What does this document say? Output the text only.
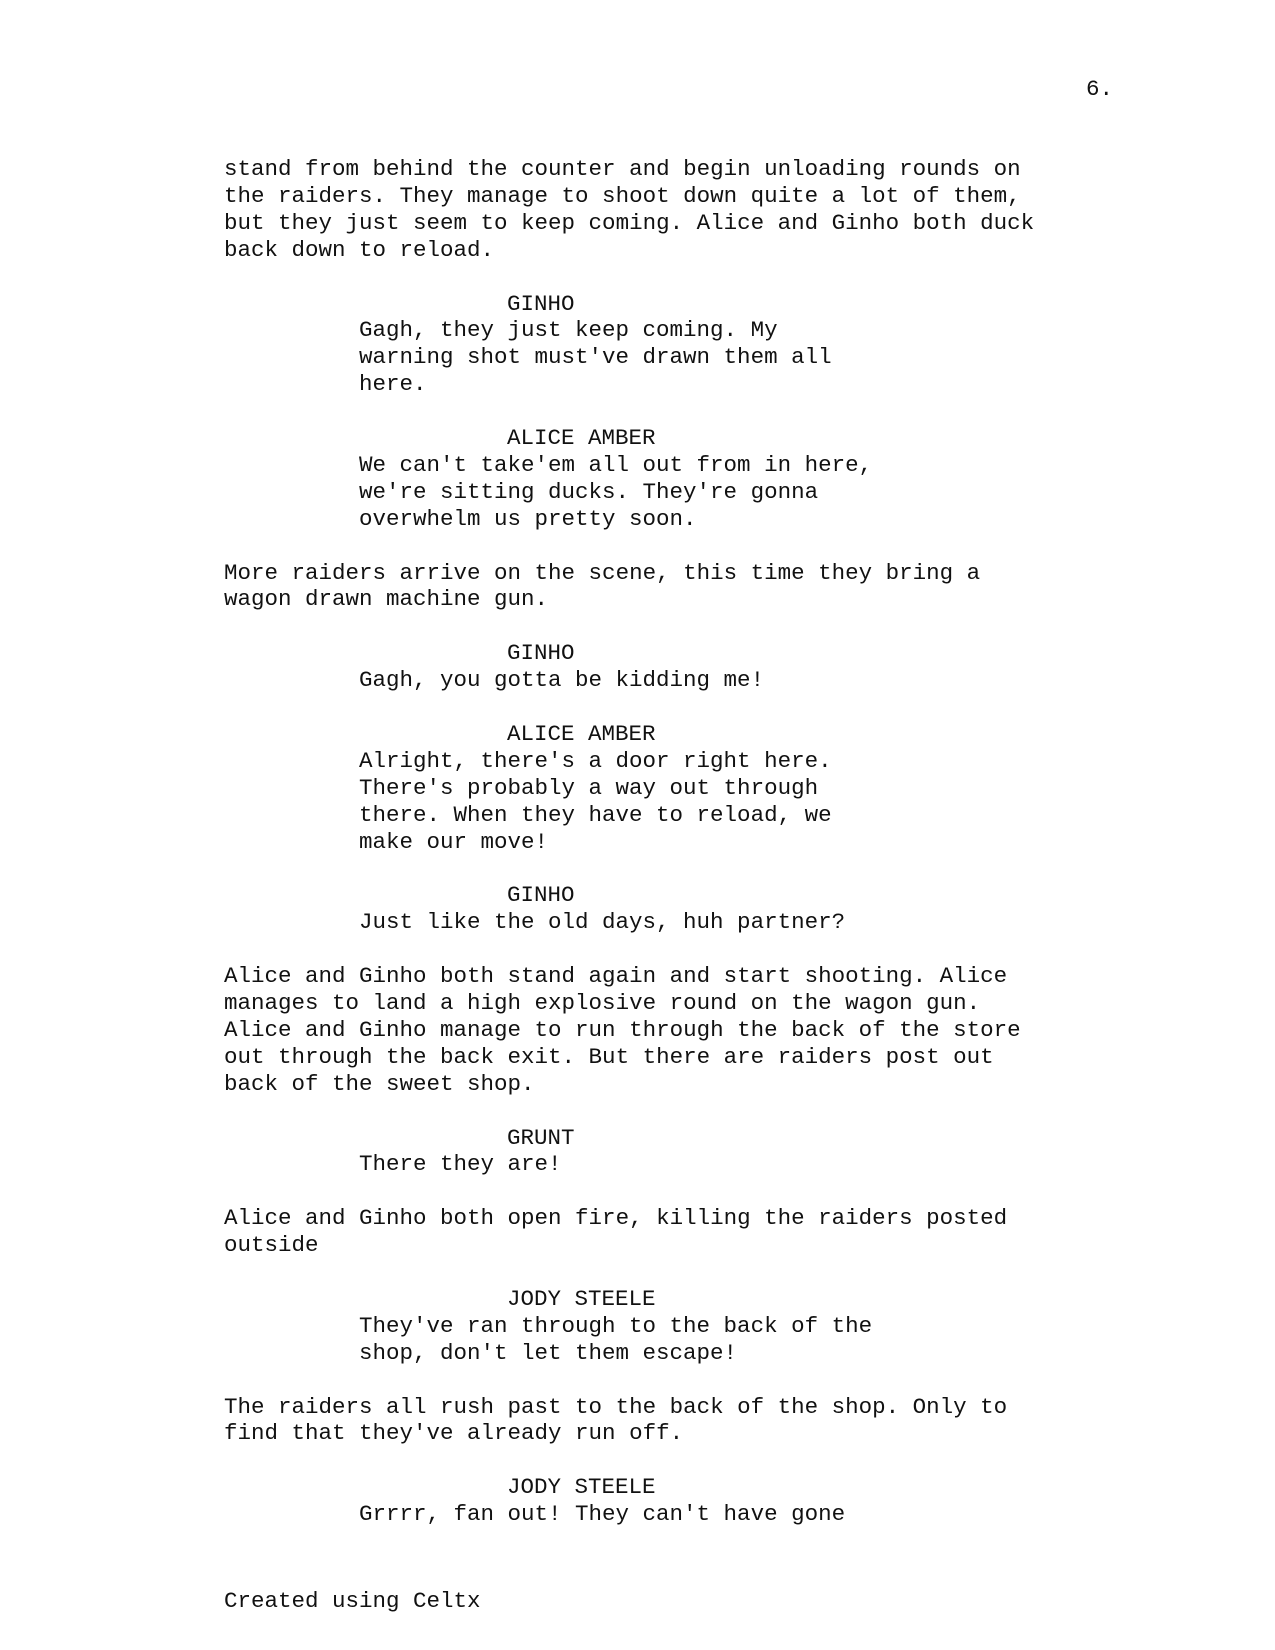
6.

stand from behind the counter and begin unloading rounds on
the raiders. They manage to shoot down quite a lot of them,
but they just seem to keep coming. Alice and Ginho both duck
back down to reload.

GINHO
Gagh, they just keep coming. My
warning shot must've drawn them all
here.
ALICE AMBER
We can't take'em all out from in here,
we're sitting ducks. They're gonna
overwhelm us pretty soon.

More raiders arrive on the scene, this time they bring a
wagon drawn machine gun.

GINHO
Gagh, you gotta be kidding me!
ALICE AMBER
Alright, there's a door right here.
There's probably a way out through
there. When they have to reload, we
make our move!
GINHO
Just like the old days, huh partner?

Alice and Ginho both stand again and start shooting. Alice
manages to land a high explosive round on the wagon gun.
Alice and Ginho manage to run through the back of the store
out through the back exit. But there are raiders post out
back of the sweet shop.

GRUNT
There they are!

Alice and Ginho both open fire, killing the raiders posted
outside

JODY STEELE
They've ran through to the back of the
shop, don't let them escape!

The raiders all rush past to the back of the shop. Only to
find that they've already run off.

JODY STEELE
Grrrr, fan out! They can't have gone
Created using Celtx
